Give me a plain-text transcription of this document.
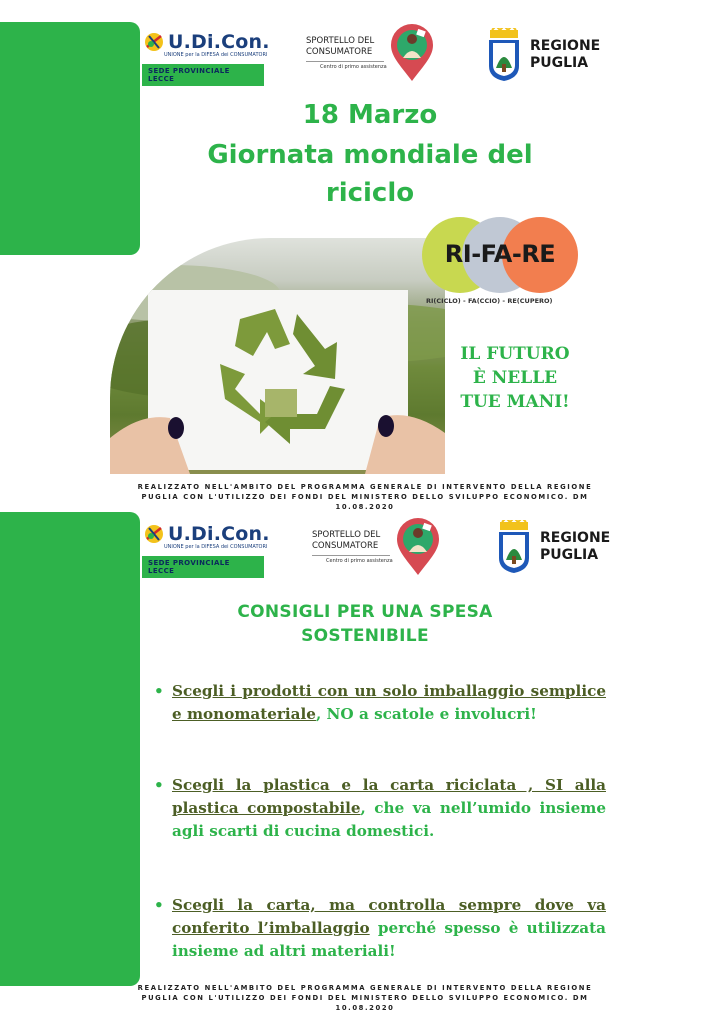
U.Di.Con.
UNIONE per la DIFESA dei CONSUMATORI
SEDE PROVINCIALE LECCE
SPORTELLO DEL
CONSUMATORE
Centro di primo assistenza
REGIONE
PUGLIA
18 Marzo
Giornata mondiale del
riciclo
RI-FA-RE
RI(CICLO) - FA(CCIO) - RE(CUPERO)
IL FUTURO
È NELLE
TUE MANI!
REALIZZATO NELL'AMBITO DEL PROGRAMMA GENERALE DI INTERVENTO DELLA REGIONE
PUGLIA CON L'UTILIZZO DEI FONDI DEL MINISTERO DELLO SVILUPPO ECONOMICO. DM
10.08.2020
U.Di.Con.
UNIONE per la DIFESA dei CONSUMATORI
SEDE PROVINCIALE LECCE
SPORTELLO DEL
CONSUMATORE
Centro di primo assistenza
REGIONE
PUGLIA
CONSIGLI PER UNA SPESA
SOSTENIBILE
• Scegli i prodotti con un solo imballaggio semplice e monomateriale, NO a scatole e involucri!
• Scegli la plastica e la carta riciclata , SI alla plastica compostabile, che va nell’umido insieme agli scarti di cucina domestici.
• Scegli la carta, ma controlla sempre dove va conferito l’imballaggio perché spesso è utilizzata insieme ad altri materiali!
REALIZZATO NELL'AMBITO DEL PROGRAMMA GENERALE DI INTERVENTO DELLA REGIONE
PUGLIA CON L'UTILIZZO DEI FONDI DEL MINISTERO DELLO SVILUPPO ECONOMICO. DM
10.08.2020
